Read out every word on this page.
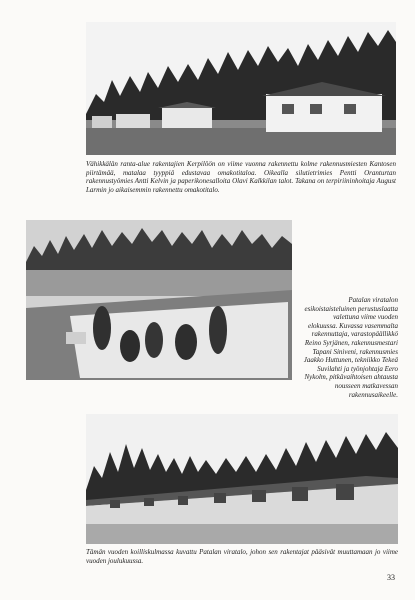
Vähikkälän ranta-alue rakentajien Kerpilöön on viime vuonna rakennettu kolme rakennusmiesten Kantosen piirtämää, matalaa tyyppiä edustavaa omakotitaloa. Oikealla silutietrimies Pentti Oranturtan rakennustyömies Antti Kelvin ja paperikonesalloita Olavi Kalkkilan talot. Takana on terpiriininhoitaja August Larmin jo aikaisemmin rakennettu omakotitalo.

Patalan viratalon esikoistaisteluinen perustuslaatta valettuna viime vuoden elokuussa. Kuvassa vasemmalta rakennuttaja, varastopäällikkö Reino Syrjänen, rakennusmestari Tapani Siniveni, rakennusmies Jaakko Huttunen, tekniikko Tekeä Suvilahti ja työnjohtaja Eero Nykolm, pitkävaihtoisen ahtausta nousseen matkavessan rakennusaikeelle.

Tämän vuoden koilliskulmassa kuvattu Patalan viratalo, johon sen rakentajat pääsivät muuttamaan jo viime vuoden joulukuussa.

33
